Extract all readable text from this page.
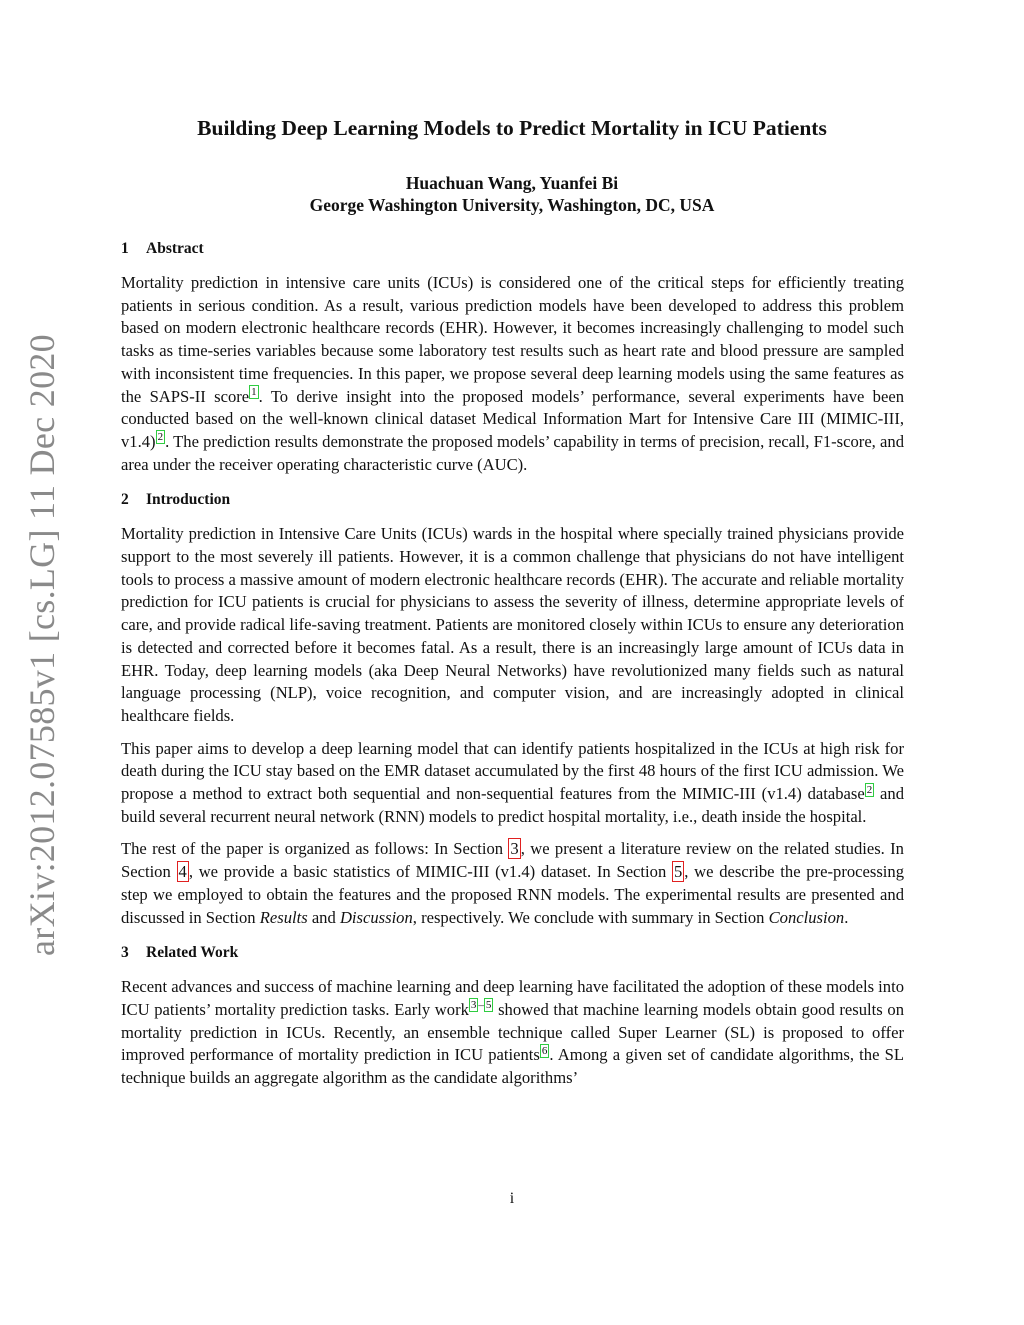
arXiv:2012.07585v1 [cs.LG] 11 Dec 2020
Building Deep Learning Models to Predict Mortality in ICU Patients
Huachuan Wang, Yuanfei Bi
George Washington University, Washington, DC, USA
1 Abstract

Mortality prediction in intensive care units (ICUs) is considered one of the critical steps for efficiently treating patients in serious condition. As a result, various prediction models have been developed to address this problem based on modern electronic healthcare records (EHR). However, it becomes increasingly challenging to model such tasks as time-series variables because some laboratory test results such as heart rate and blood pressure are sampled with inconsistent time frequencies. In this paper, we propose several deep learning models using the same features as the SAPS-II score $^1$ . To derive insight into the proposed models’ performance, several experiments have been conducted based on the well-known clinical dataset Medical Information Mart for Intensive Care III (MIMIC-III, v1.4) $^2$ . The prediction results demonstrate the proposed models’ capability in terms of precision, recall, F1-score, and area under the receiver operating characteristic curve (AUC).

2 Introduction

Mortality prediction in Intensive Care Units (ICUs) wards in the hospital where specially trained physicians provide support to the most severely ill patients. However, it is a common challenge that physicians do not have intelligent tools to process a massive amount of modern electronic healthcare records (EHR). The accurate and reliable mortality prediction for ICU patients is crucial for physicians to assess the severity of illness, determine appropriate levels of care, and provide radical life-saving treatment. Patients are monitored closely within ICUs to ensure any deterioration is detected and corrected before it becomes fatal. As a result, there is an increasingly large amount of ICUs data in EHR. Today, deep learning models (aka Deep Neural Networks) have revolutionized many fields such as natural language processing (NLP), voice recognition, and computer vision, and are increasingly adopted in clinical healthcare fields.

This paper aims to develop a deep learning model that can identify patients hospitalized in the ICUs at high risk for death during the ICU stay based on the EMR dataset accumulated by the first 48 hours of the first ICU admission. We propose a method to extract both sequential and non-sequential features from the MIMIC-III (v1.4) database $^2$ and build several recurrent neural network (RNN) models to predict hospital mortality, i.e., death inside the hospital.

The rest of the paper is organized as follows: In Section 3 , we present a literature review on the related studies. In Section 4 , we provide a basic statistics of MIMIC-III (v1.4) dataset. In Section 5 , we describe the pre-processing step we employed to obtain the features and the proposed RNN models. The experimental results are presented and discussed in Section Results and Discussion, respectively. We conclude with summary in Section Conclusion.

3 Related Work

Recent advances and success of machine learning and deep learning have facilitated the adoption of these models into ICU patients’ mortality prediction tasks. Early work $^3$ – $^5$ showed that machine learning models obtain good results on mortality prediction in ICUs. Recently, an ensemble technique called Super Learner (SL) is proposed to offer improved performance of mortality prediction in ICU patients $^6$ . Among a given set of candidate algorithms, the SL technique builds an aggregate algorithm as the candidate algorithms’

i
